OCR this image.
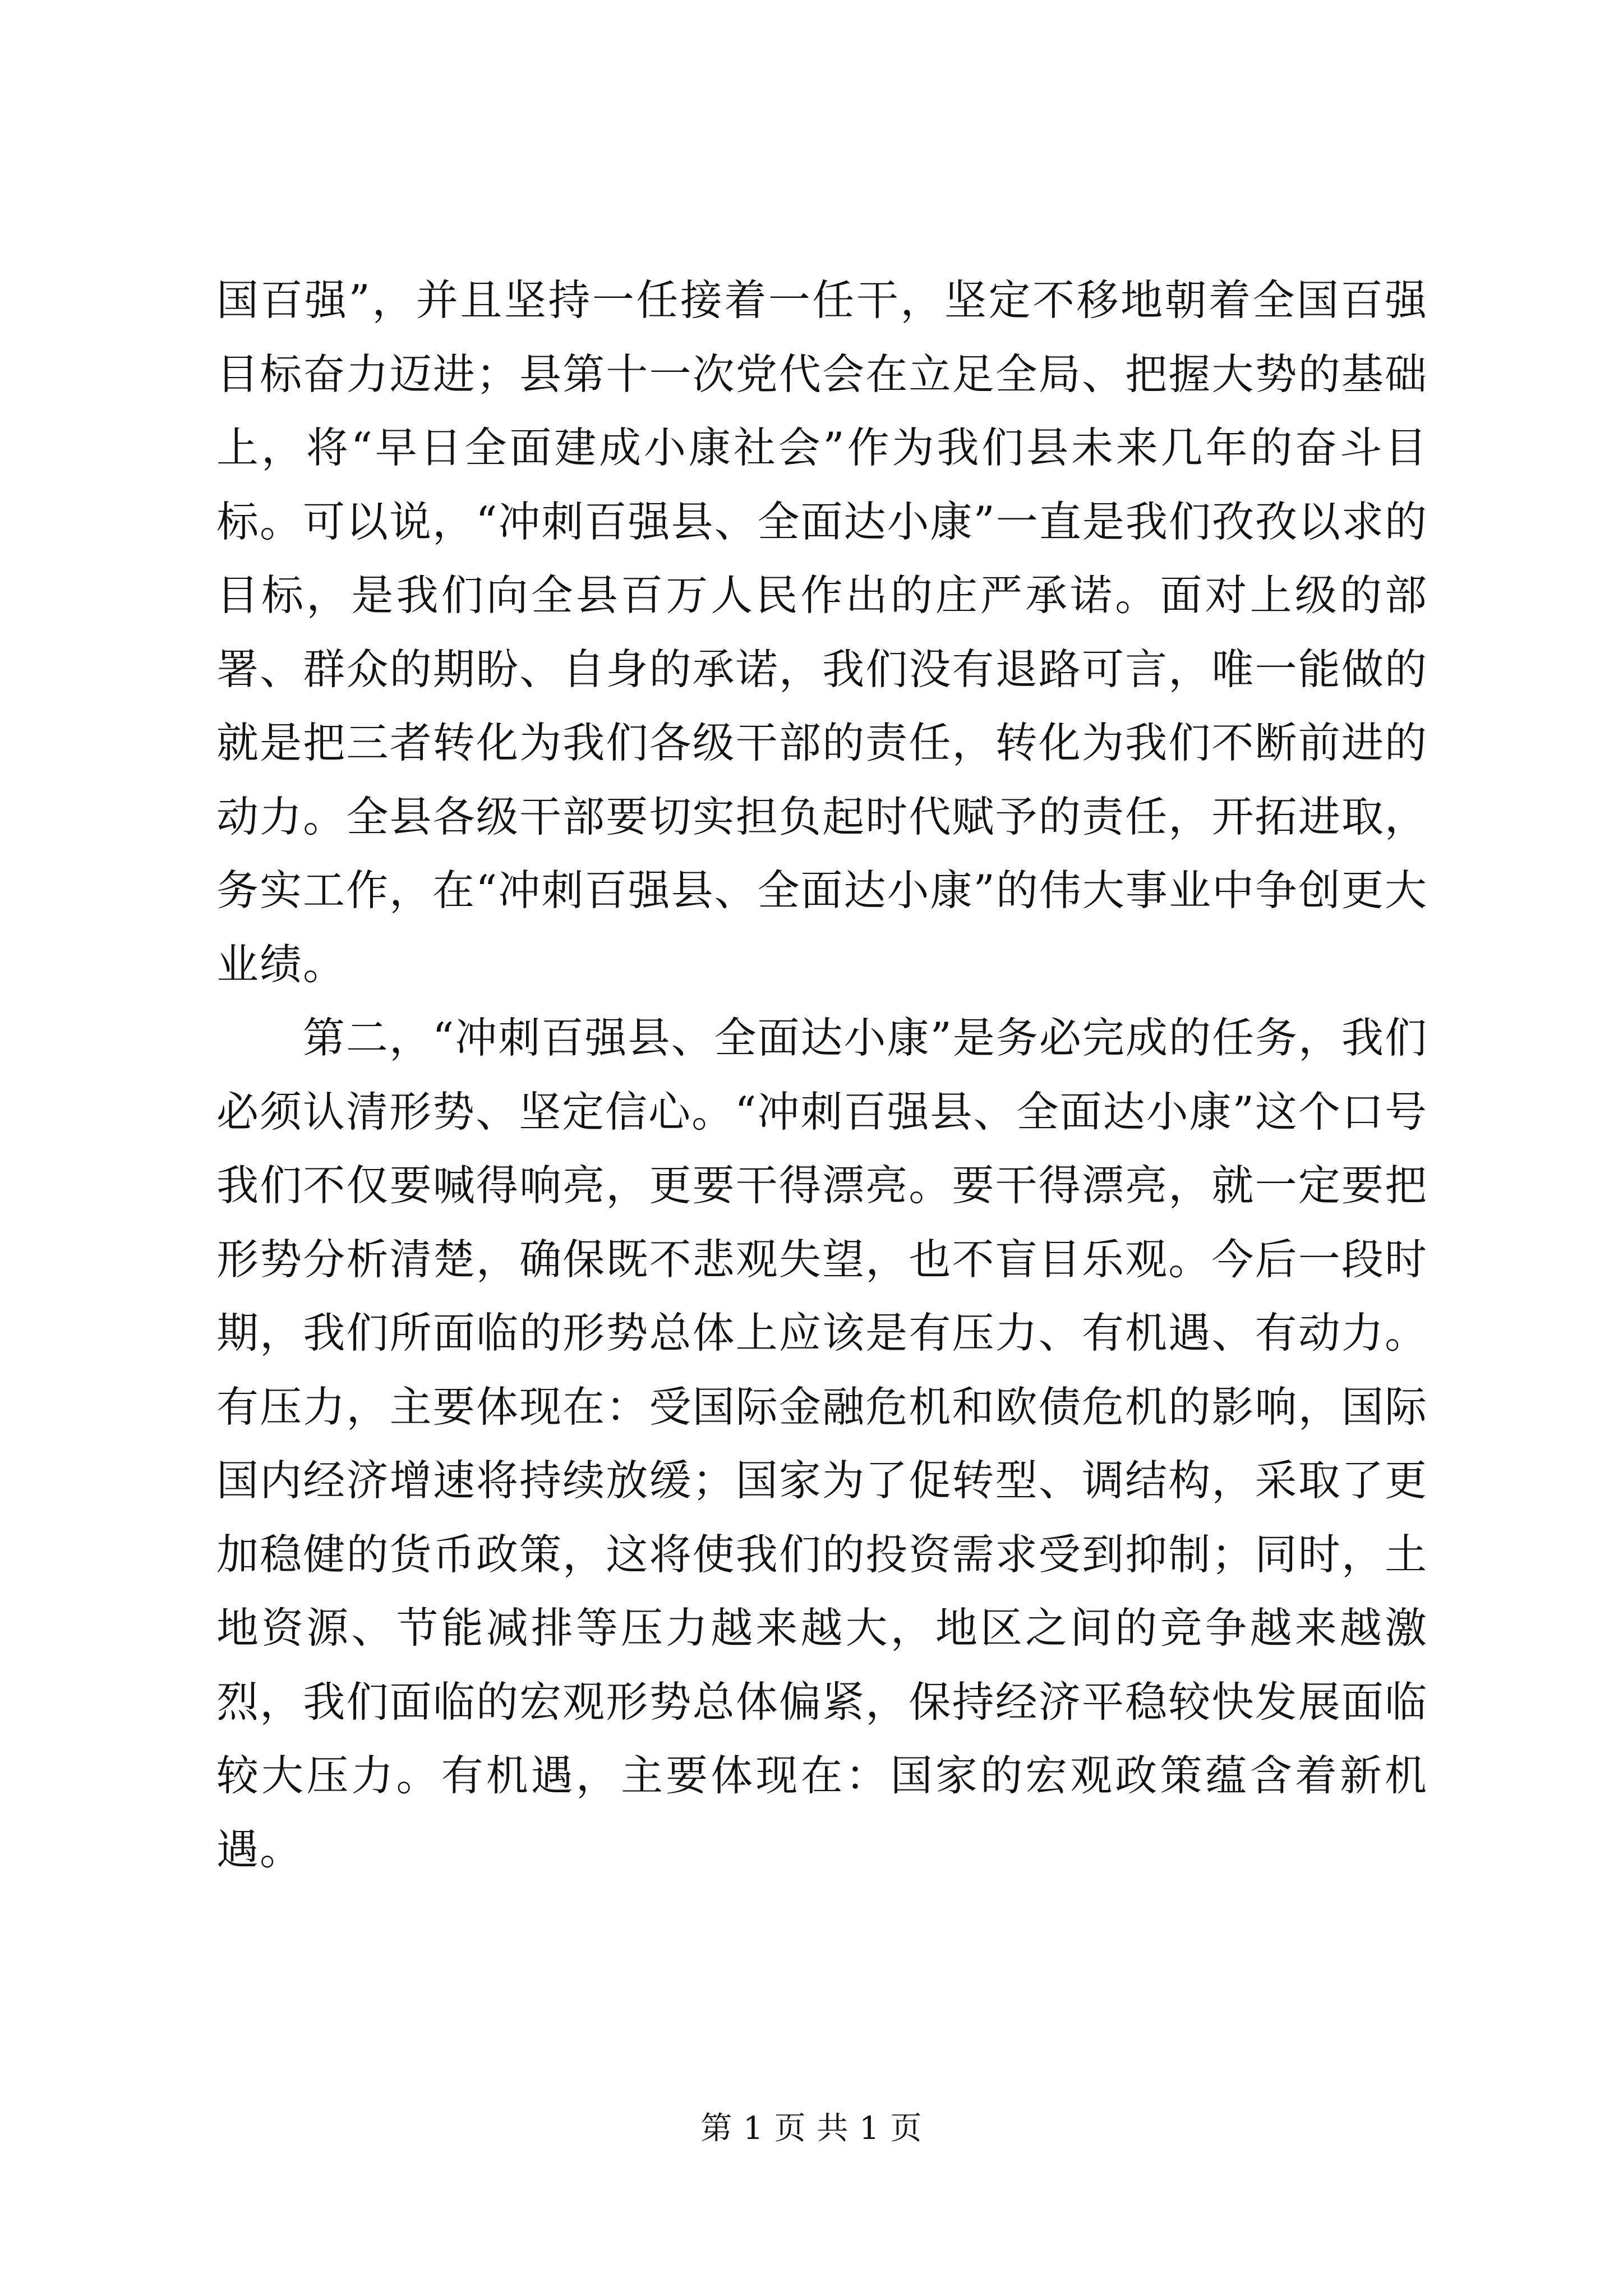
国百强”，并且坚持一任接着一任干，坚定不移地朝着全国百强目标奋力迈进；县第十一次党代会在立足全局、把握大势的基础上，将“早日全面建成小康社会”作为我们县未来几年的奋斗目标。可以说，“冲刺百强县、全面达小康”一直是我们孜孜以求的目标，是我们向全县百万人民作出的庄严承诺。面对上级的部署、群众的期盼、自身的承诺，我们没有退路可言，唯一能做的就是把三者转化为我们各级干部的责任，转化为我们不断前进的动力。全县各级干部要切实担负起时代赋予的责任，开拓进取，务实工作，在“冲刺百强县、全面达小康”的伟大事业中争创更大业绩。

第二，“冲刺百强县、全面达小康”是务必完成的任务，我们必须认清形势、坚定信心。“冲刺百强县、全面达小康”这个口号我们不仅要喊得响亮，更要干得漂亮。要干得漂亮，就一定要把形势分析清楚，确保既不悲观失望，也不盲目乐观。今后一段时期，我们所面临的形势总体上应该是有压力、有机遇、有动力。有压力，主要体现在：受国际金融危机和欧债危机的影响，国际国内经济增速将持续放缓；国家为了促转型、调结构，采取了更加稳健的货币政策，这将使我们的投资需求受到抑制；同时，土地资源、节能减排等压力越来越大，地区之间的竞争越来越激烈，我们面临的宏观形势总体偏紧，保持经济平稳较快发展面临较大压力。有机遇，主要体现在：国家的宏观政策蕴含着新机遇。

第 1 页 共 1 页
